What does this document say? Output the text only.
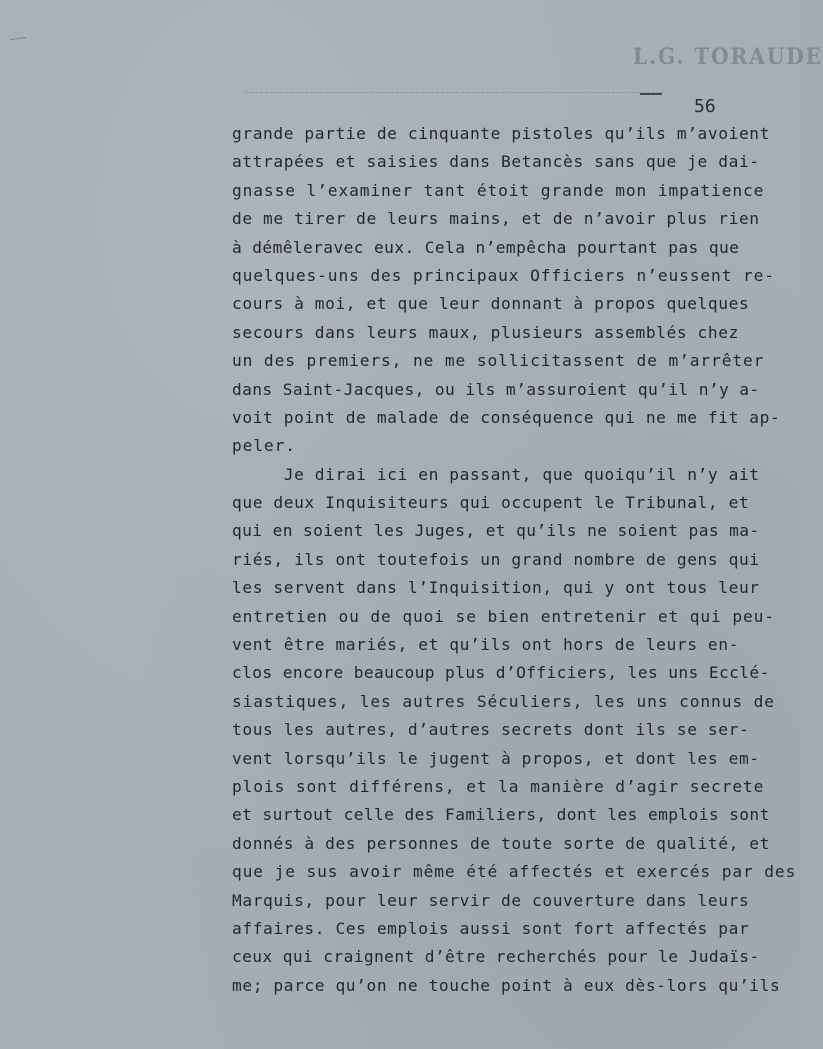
L.G. TORAUDE
56
grande partie de cinquante pistoles qu’ils m’avoient
attrapées et saisies dans Betancès sans que je dai-
gnasse l’examiner tant étoit grande mon impatience
de me tirer de leurs mains, et de n’avoir plus rien
à démêleravec eux. Cela n’empêcha pourtant pas que
quelques-uns des principaux Officiers n’eussent re-
cours à moi, et que leur donnant à propos quelques
secours dans leurs maux, plusieurs assemblés chez
un des premiers, ne me sollicitassent de m’arrêter
dans Saint-Jacques, ou ils m’assuroient qu’il n’y a-
voit point de malade de conséquence qui ne me fit ap-
peler.
Je dirai ici en passant, que quoiqu’il n’y ait
que deux Inquisiteurs qui occupent le Tribunal, et
qui en soient les Juges, et qu’ils ne soient pas ma-
riés, ils ont toutefois un grand nombre de gens qui
les servent dans l’Inquisition, qui y ont tous leur
entretien ou de quoi se bien entretenir et qui peu-
vent être mariés, et qu’ils ont hors de leurs en-
clos encore beaucoup plus d’Officiers, les uns Ecclé-
siastiques, les autres Séculiers, les uns connus de
tous les autres, d’autres secrets dont ils se ser-
vent lorsqu’ils le jugent à propos, et dont les em-
plois sont différens, et la manière d’agir secrete
et surtout celle des Familiers, dont les emplois sont
donnés à des personnes de toute sorte de qualité, et
que je sus avoir même été affectés et exercés par des
Marquis, pour leur servir de couverture dans leurs
affaires. Ces emplois aussi sont fort affectés par
ceux qui craignent d’être recherchés pour le Judaïs-
me; parce qu’on ne touche point à eux dès-lors qu’ils
